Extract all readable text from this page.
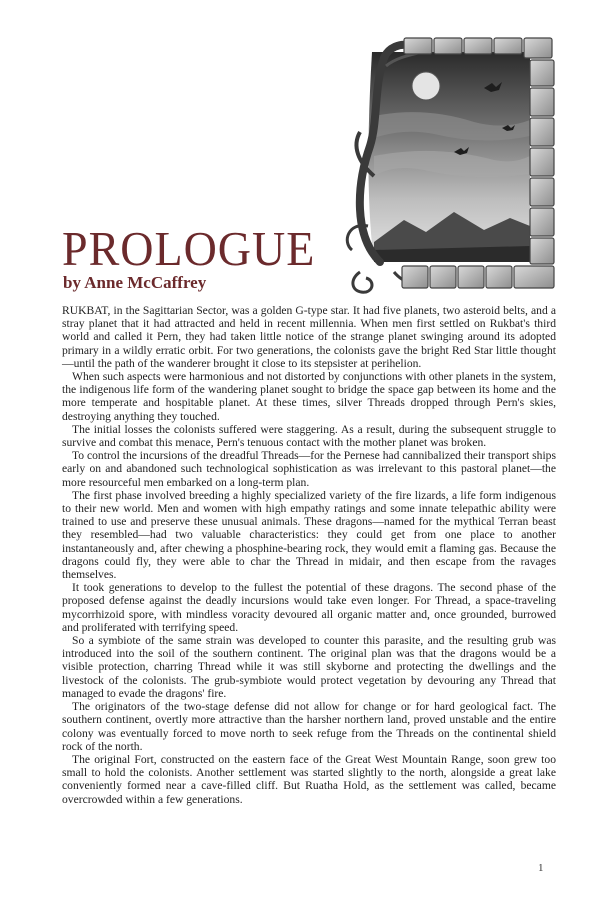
PROLOGUE
by Anne McCaffrey

RUKBAT, in the Sagittarian Sector, was a golden G-type star. It had five planets, two asteroid belts, and a stray planet that it had attracted and held in recent millennia. When men first settled on Rukbat's third world and called it Pern, they had taken little notice of the strange planet swinging around its adopted primary in a wildly erratic orbit. For two generations, the colonists gave the bright Red Star little thought—until the path of the wanderer brought it close to its stepsister at perihelion.

When such aspects were harmonious and not distorted by conjunctions with other planets in the system, the indigenous life form of the wandering planet sought to bridge the space gap between its home and the more temperate and hospitable planet. At these times, silver Threads dropped through Pern's skies, destroying anything they touched.

The initial losses the colonists suffered were staggering. As a result, during the subsequent struggle to survive and combat this menace, Pern's tenuous contact with the mother planet was broken.

To control the incursions of the dreadful Threads—for the Pernese had cannibalized their transport ships early on and abandoned such technological sophistication as was irrelevant to this pastoral planet—the more resourceful men embarked on a long-term plan.

The first phase involved breeding a highly specialized variety of the fire lizards, a life form indigenous to their new world. Men and women with high empathy ratings and some innate telepathic ability were trained to use and preserve these unusual animals. These dragons—named for the mythical Terran beast they resembled—had two valuable characteristics: they could get from one place to another instantaneously and, after chewing a phosphine-bearing rock, they would emit a flaming gas. Because the dragons could fly, they were able to char the Thread in midair, and then escape from the ravages themselves.

It took generations to develop to the fullest the potential of these dragons. The second phase of the proposed defense against the deadly incursions would take even longer. For Thread, a space-traveling mycorrhizoid spore, with mindless voracity devoured all organic matter and, once grounded, burrowed and proliferated with terrifying speed.

So a symbiote of the same strain was developed to counter this parasite, and the resulting grub was introduced into the soil of the southern continent. The original plan was that the dragons would be a visible protection, charring Thread while it was still skyborne and protecting the dwellings and the livestock of the colonists. The grub-symbiote would protect vegetation by devouring any Thread that managed to evade the dragons' fire.

The originators of the two-stage defense did not allow for change or for hard geological fact. The southern continent, overtly more attractive than the harsher northern land, proved unstable and the entire colony was eventually forced to move north to seek refuge from the Threads on the continental shield rock of the north.

The original Fort, constructed on the eastern face of the Great West Mountain Range, soon grew too small to hold the colonists. Another settlement was started slightly to the north, alongside a great lake conveniently formed near a cave-filled cliff. But Ruatha Hold, as the settlement was called, became overcrowded within a few generations.

1
